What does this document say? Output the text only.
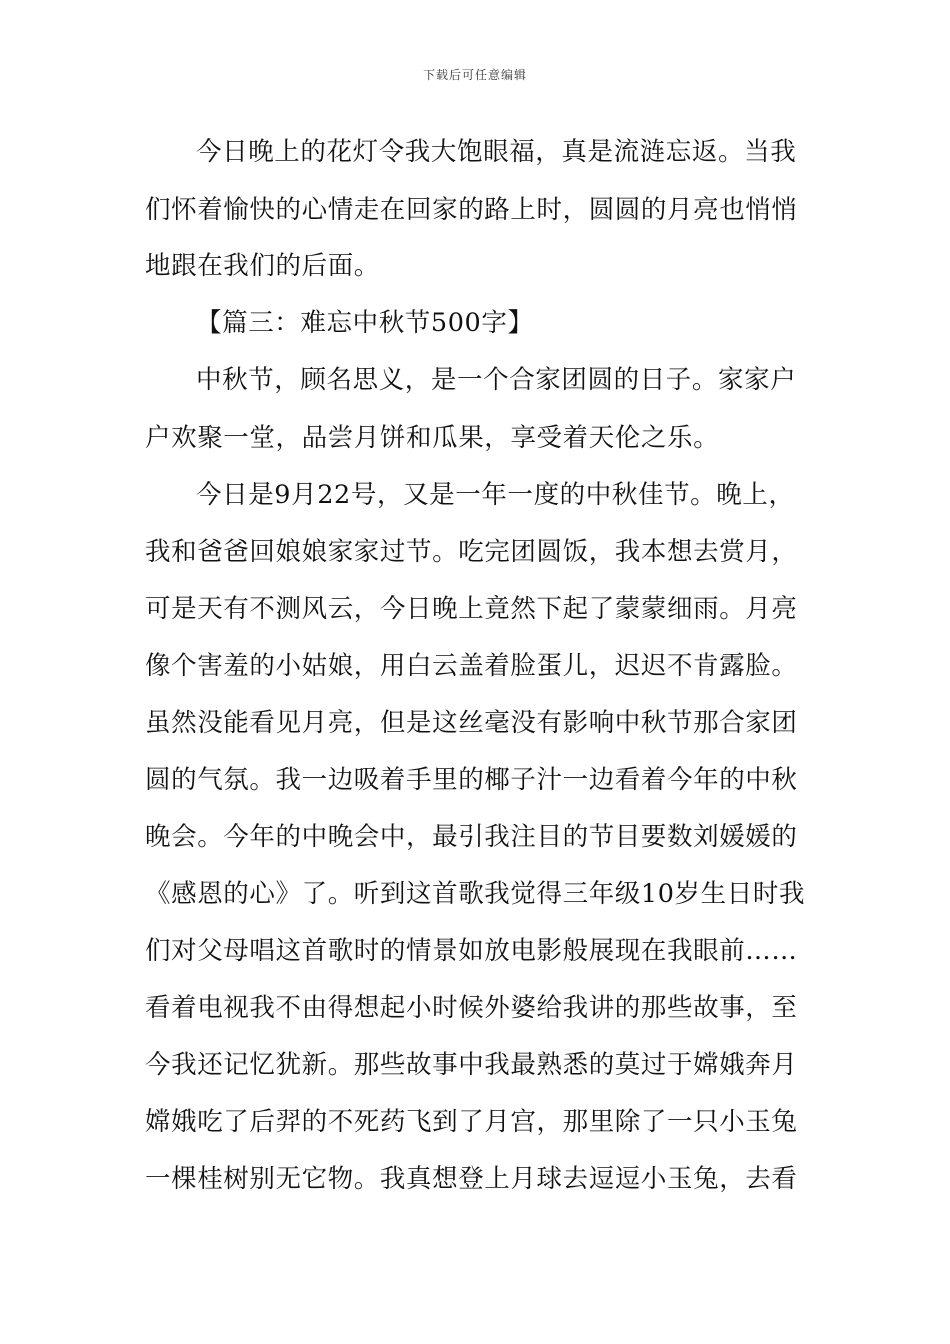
下载后可任意编辑
今日晚上的花灯令我大饱眼福，真是流涟忘返。当我
们怀着愉快的心情走在回家的路上时，圆圆的月亮也悄悄
地跟在我们的后面。
【篇三：难忘中秋节500字】
中秋节，顾名思义，是一个合家团圆的日子。家家户
户欢聚一堂，品尝月饼和瓜果，享受着天伦之乐。
今日是9月22号，又是一年一度的中秋佳节。晚上，
我和爸爸回娘娘家家过节。吃完团圆饭，我本想去赏月，
可是天有不测风云，今日晚上竟然下起了蒙蒙细雨。月亮
像个害羞的小姑娘，用白云盖着脸蛋儿，迟迟不肯露脸。
虽然没能看见月亮，但是这丝毫没有影响中秋节那合家团
圆的气氛。我一边吸着手里的椰子汁一边看着今年的中秋
晚会。今年的中晚会中，最引我注目的节目要数刘媛媛的
《感恩的心》了。听到这首歌我觉得三年级10岁生日时我
们对父母唱这首歌时的情景如放电影般展现在我眼前……
看着电视我不由得想起小时候外婆给我讲的那些故事，至
今我还记忆犹新。那些故事中我最熟悉的莫过于嫦娥奔月
嫦娥吃了后羿的不死药飞到了月宫，那里除了一只小玉兔
一棵桂树别无它物。我真想登上月球去逗逗小玉兔，去看
